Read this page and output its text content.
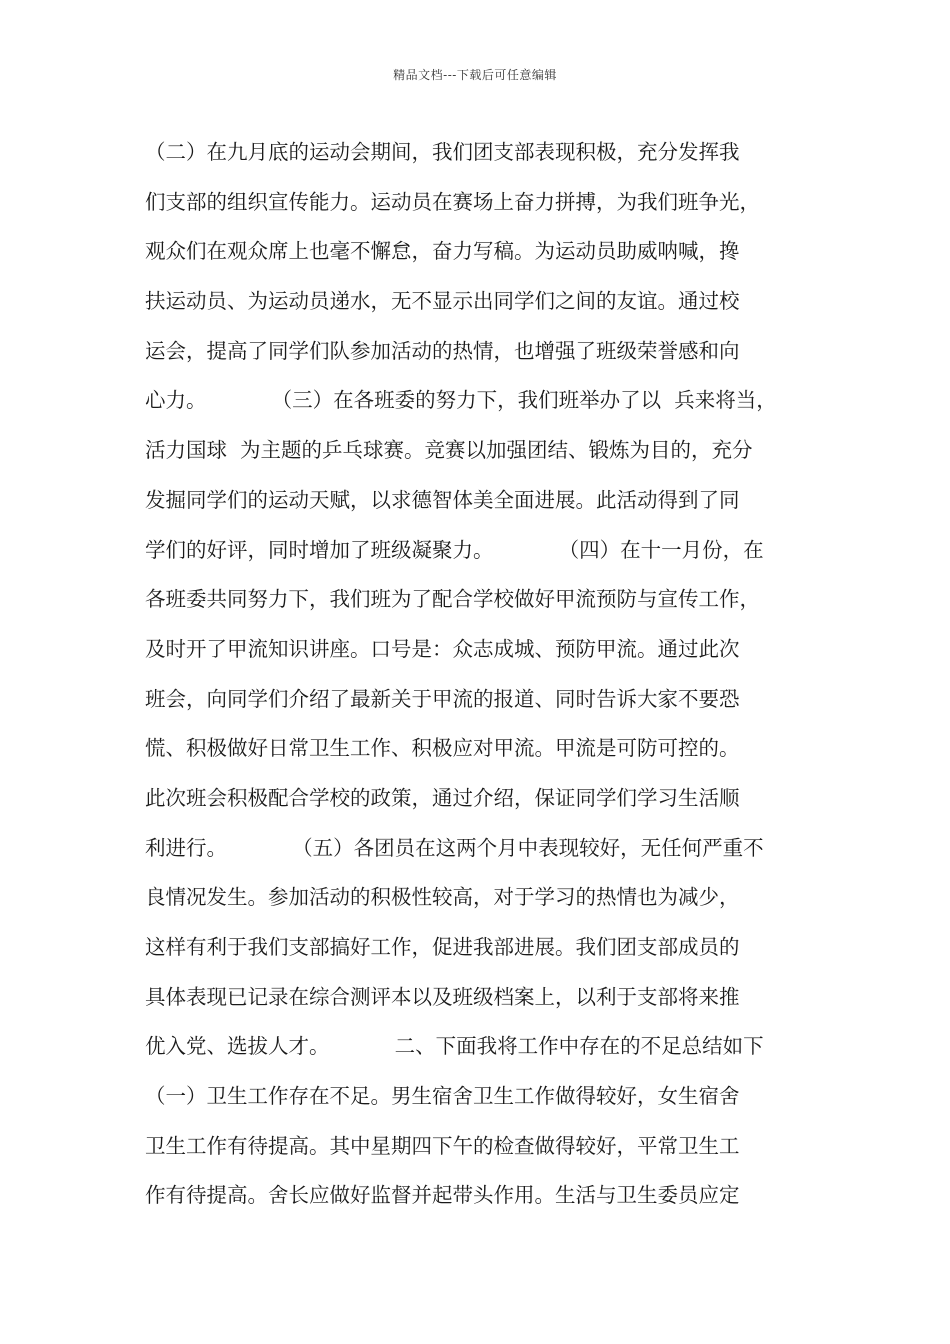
精品文档---下载后可任意编辑
（二）在九月底的运动会期间，我们团支部表现积极，充分发挥我
们支部的组织宣传能力。运动员在赛场上奋力拼搏，为我们班争光，
观众们在观众席上也毫不懈怠，奋力写稿。为运动员助威呐喊，搀
扶运动员、为运动员递水，无不显示出同学们之间的友谊。通过校
运会，提高了同学们队参加活动的热情，也增强了班级荣誉感和向
心力。          （三）在各班委的努力下，我们班举办了以  兵来将当，
活力国球  为主题的乒乓球赛。竞赛以加强团结、锻炼为目的，充分
发掘同学们的运动天赋，以求德智体美全面进展。此活动得到了同
学们的好评，同时增加了班级凝聚力。          （四）在十一月份，在
各班委共同努力下，我们班为了配合学校做好甲流预防与宣传工作，
及时开了甲流知识讲座。口号是：众志成城、预防甲流。通过此次
班会，向同学们介绍了最新关于甲流的报道、同时告诉大家不要恐
慌、积极做好日常卫生工作、积极应对甲流。甲流是可防可控的。
此次班会积极配合学校的政策，通过介绍，保证同学们学习生活顺
利进行。          （五）各团员在这两个月中表现较好，无任何严重不
良情况发生。参加活动的积极性较高，对于学习的热情也为减少，
这样有利于我们支部搞好工作，促进我部进展。我们团支部成员的
具体表现已记录在综合测评本以及班级档案上，以利于支部将来推
优入党、选拔人才。          二、下面我将工作中存在的不足总结如下
（一）卫生工作存在不足。男生宿舍卫生工作做得较好，女生宿舍
卫生工作有待提高。其中星期四下午的检查做得较好，平常卫生工
作有待提高。舍长应做好监督并起带头作用。生活与卫生委员应定
